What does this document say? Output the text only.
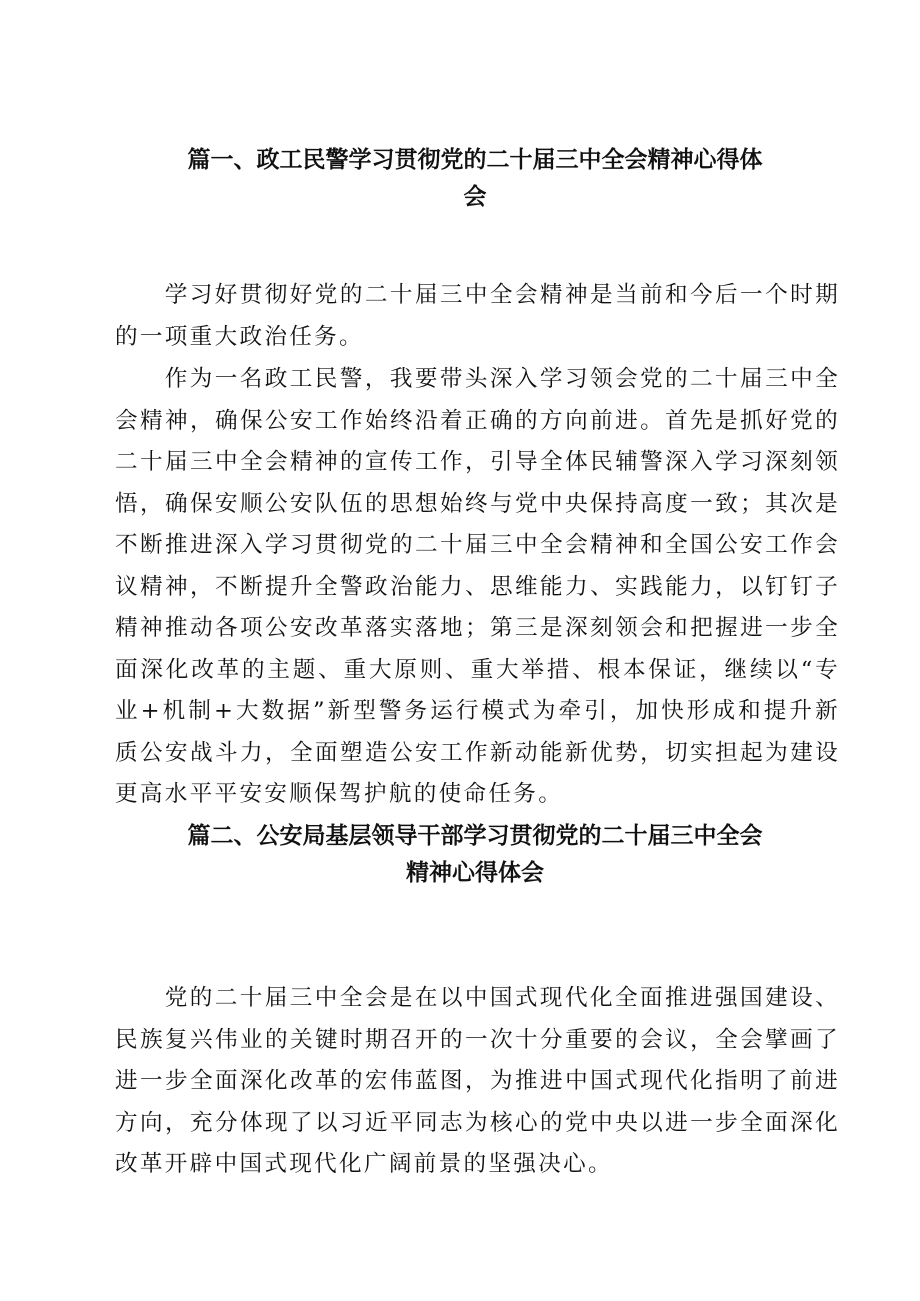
篇一、政工民警学习贯彻党的二十届三中全会精神心得体
会

学习好贯彻好党的二十届三中全会精神是当前和今后一个时期的一项重大政治任务。

作为一名政工民警，我要带头深入学习领会党的二十届三中全会精神，确保公安工作始终沿着正确的方向前进。首先是抓好党的二十届三中全会精神的宣传工作，引导全体民辅警深入学习深刻领悟，确保安顺公安队伍的思想始终与党中央保持高度一致；其次是不断推进深入学习贯彻党的二十届三中全会精神和全国公安工作会议精神，不断提升全警政治能力、思维能力、实践能力，以钉钉子精神推动各项公安改革落实落地；第三是深刻领会和把握进一步全面深化改革的主题、重大原则、重大举措、根本保证，继续以“专业+机制+大数据”新型警务运行模式为牵引，加快形成和提升新质公安战斗力，全面塑造公安工作新动能新优势，切实担起为建设更高水平平安安顺保驾护航的使命任务。

篇二、公安局基层领导干部学习贯彻党的二十届三中全会
精神心得体会

党的二十届三中全会是在以中国式现代化全面推进强国建设、民族复兴伟业的关键时期召开的一次十分重要的会议，全会擘画了进一步全面深化改革的宏伟蓝图，为推进中国式现代化指明了前进方向，充分体现了以习近平同志为核心的党中央以进一步全面深化改革开辟中国式现代化广阔前景的坚强决心。
